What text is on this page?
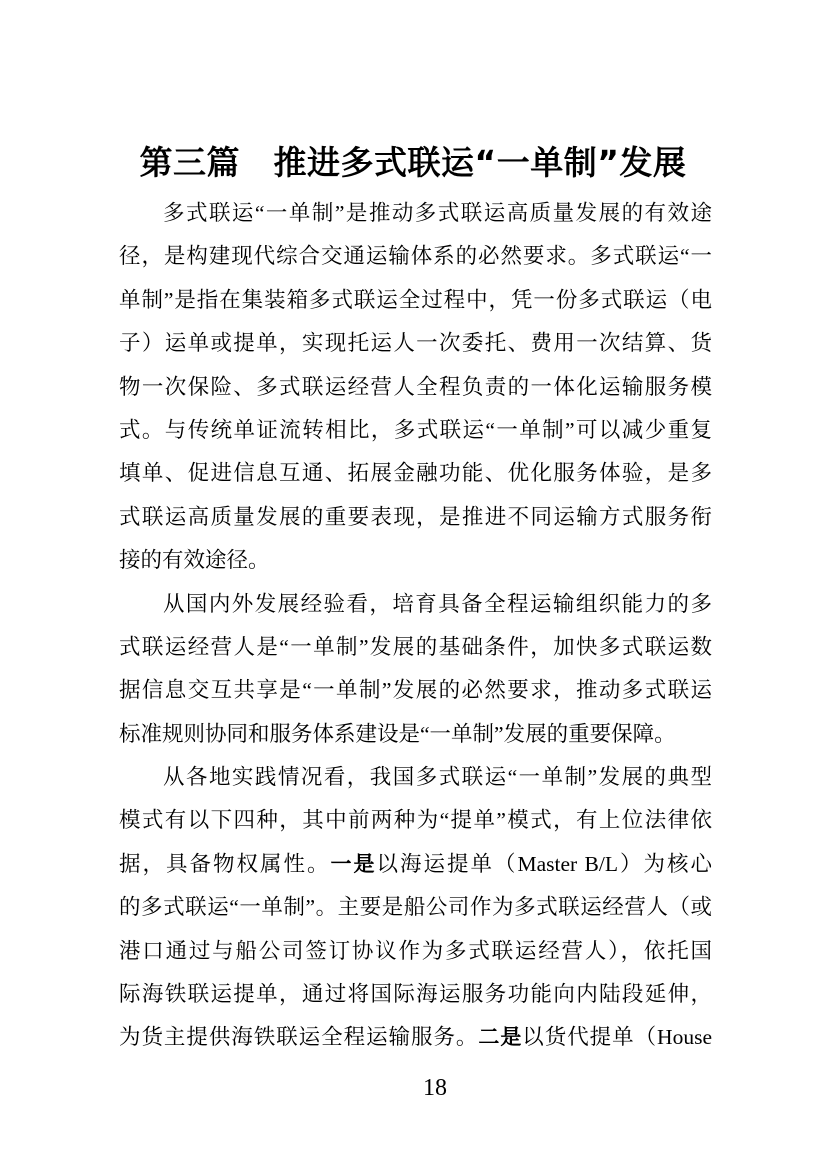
第三篇　推进多式联运“一单制”发展
多式联运“一单制”是推动多式联运高质量发展的有效途
径，是构建现代综合交通运输体系的必然要求。多式联运“一
单制”是指在集装箱多式联运全过程中，凭一份多式联运（电
子）运单或提单，实现托运人一次委托、费用一次结算、货
物一次保险、多式联运经营人全程负责的一体化运输服务模
式。与传统单证流转相比，多式联运“一单制”可以减少重复
填单、促进信息互通、拓展金融功能、优化服务体验，是多
式联运高质量发展的重要表现，是推进不同运输方式服务衔
接的有效途径。
从国内外发展经验看，培育具备全程运输组织能力的多
式联运经营人是“一单制”发展的基础条件，加快多式联运数
据信息交互共享是“一单制”发展的必然要求，推动多式联运
标准规则协同和服务体系建设是“一单制”发展的重要保障。
从各地实践情况看，我国多式联运“一单制”发展的典型
模式有以下四种，其中前两种为“提单”模式，有上位法律依
据，具备物权属性。一是以海运提单（Master B/L）为核心
的多式联运“一单制”。主要是船公司作为多式联运经营人（或
港口通过与船公司签订协议作为多式联运经营人），依托国
际海铁联运提单，通过将国际海运服务功能向内陆段延伸，
为货主提供海铁联运全程运输服务。二是以货代提单（House
18
